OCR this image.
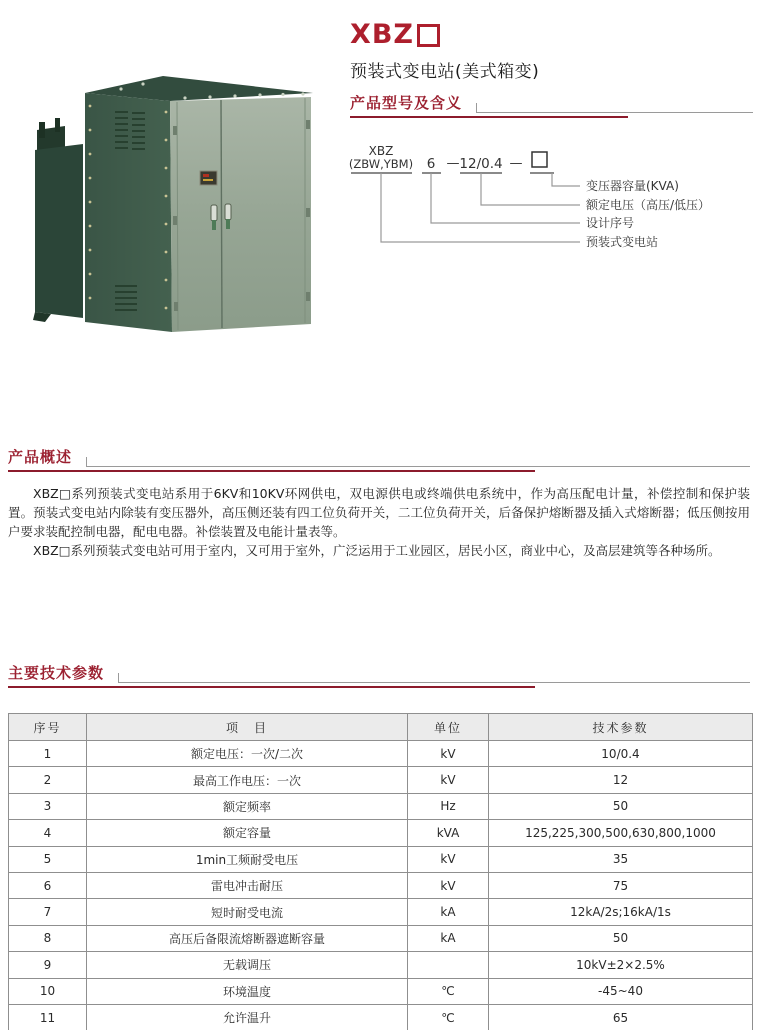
XBZ
预装式变电站(美式箱变)
产品型号及含义
XBZ
(ZBW,YBM) 6 — 12/0.4 —
变压器容量(KVA)
额定电压（高压/低压）
设计序号
预装式变电站
产品概述

XBZ□系列预装式变电站系用于6KV和10KV环网供电，双电源供电或终端供电系统中，作为高压配电计量，补偿控制和保护装置。预装式变电站内除装有变压器外，高压侧还装有四工位负荷开关，二工位负荷开关，后备保护熔断器及插入式熔断器；低压侧按用户要求装配控制电器，配电电器。补偿装置及电能计量表等。

XBZ□系列预装式变电站可用于室内，又可用于室外，广泛运用于工业园区，居民小区，商业中心，及高层建筑等各种场所。

主要技术参数
序号	项　目	单位	技术参数
1	额定电压：一次/二次	kV	10/0.4
2	最高工作电压：一次	kV	12
3	额定频率	Hz	50
4	额定容量	kVA	125,225,300,500,630,800,1000
5	1min工频耐受电压	kV	35
6	雷电冲击耐压	kV	75
7	短时耐受电流	kA	12kA/2s;16kA/1s
8	高压后备限流熔断器遮断容量	kA	50
9	无载调压		10kV±2×2.5%
10	环境温度	℃	-45~40
11	允许温升	℃	65
